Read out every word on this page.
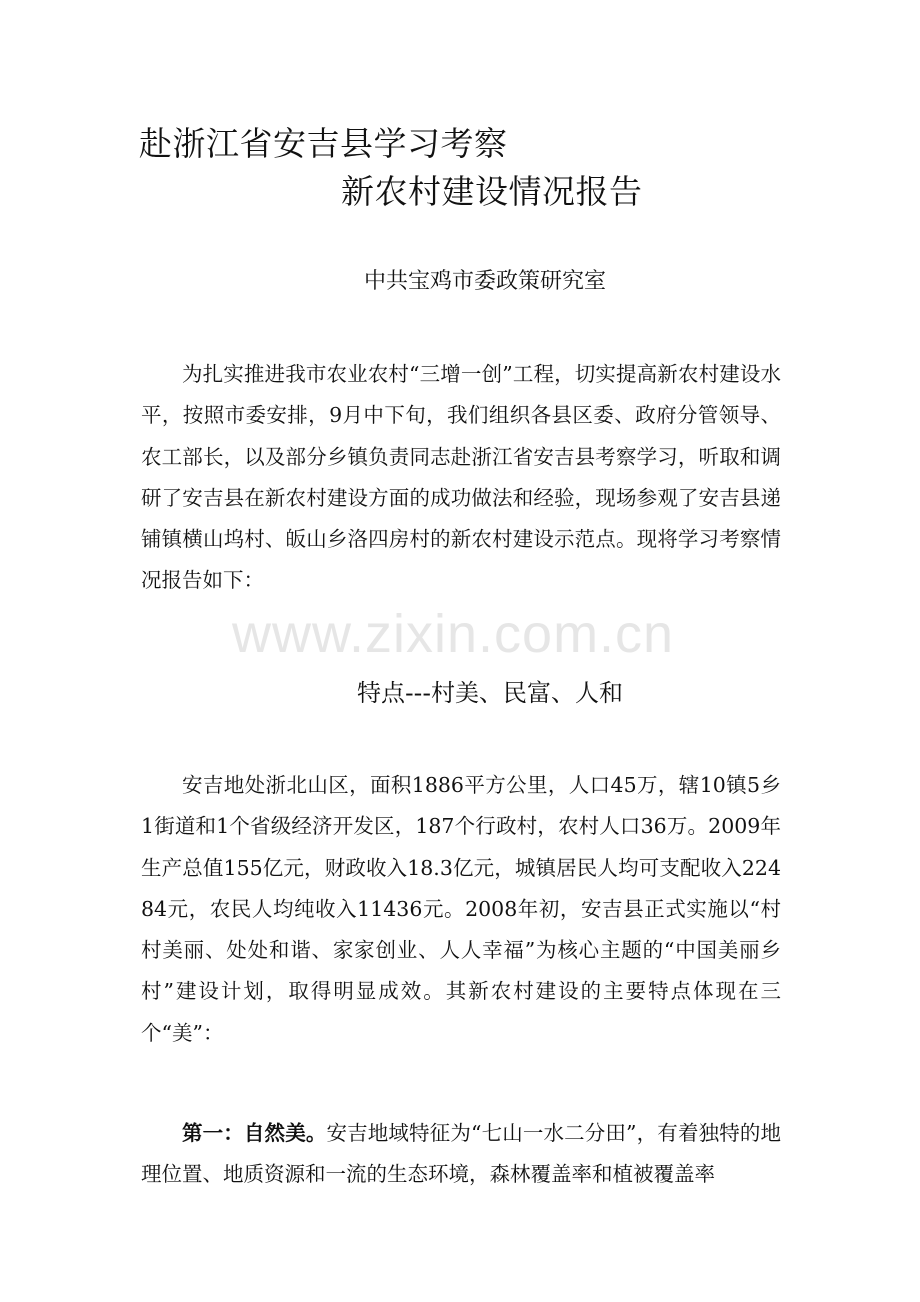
赴浙江省安吉县学习考察
新农村建设情况报告
中共宝鸡市委政策研究室

为扎实推进我市农业农村“三增一创”工程，切实提高新农村建设水平，按照市委安排，9月中下旬，我们组织各县区委、政府分管领导、农工部长，以及部分乡镇负责同志赴浙江省安吉县考察学习，听取和调研了安吉县在新农村建设方面的成功做法和经验，现场参观了安吉县递铺镇横山坞村、皈山乡洛四房村的新农村建设示范点。现将学习考察情况报告如下：

www.zixin.com.cn
特点---村美、民富、人和

安吉地处浙北山区，面积1886平方公里，人口45万，辖10镇5乡1街道和1个省级经济开发区，187个行政村，农村人口36万。2009年生产总值155亿元，财政收入18.3亿元，城镇居民人均可支配收入22484元，农民人均纯收入11436元。2008年初，安吉县正式实施以“村村美丽、处处和谐、家家创业、人人幸福”为核心主题的“中国美丽乡村”建设计划，取得明显成效。其新农村建设的主要特点体现在三个“美”：

第一：自然美。安吉地域特征为“七山一水二分田”，有着独特的地理位置、地质资源和一流的生态环境，森林覆盖率和植被覆盖率
